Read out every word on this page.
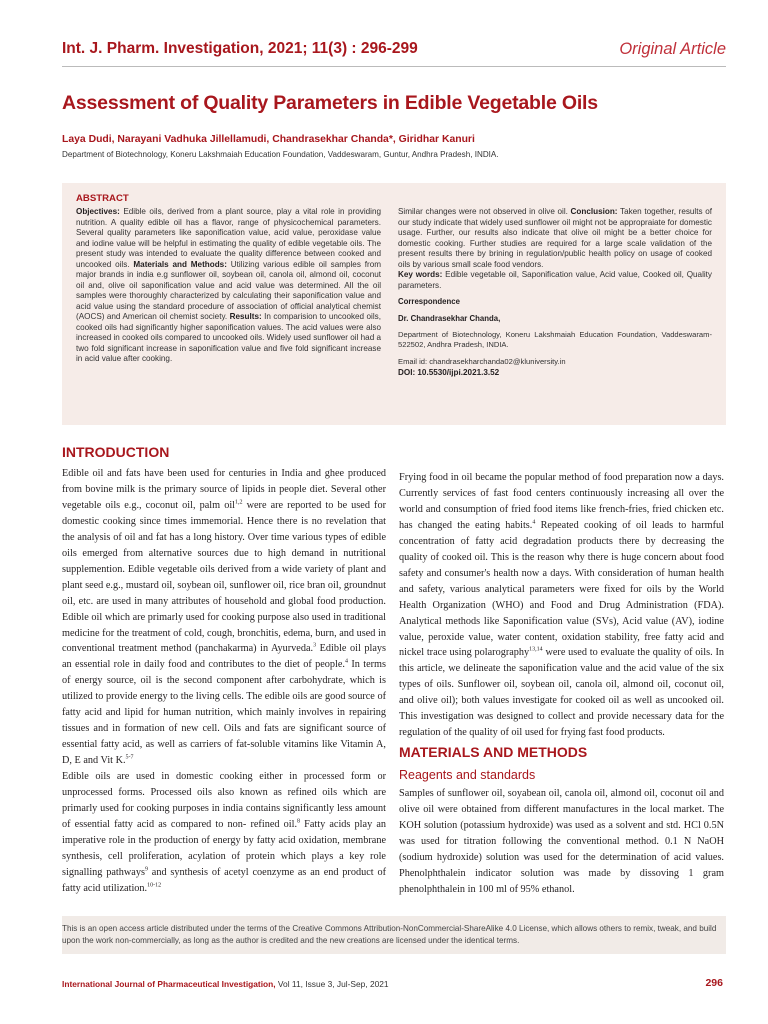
Int. J. Pharm. Investigation, 2021; 11(3) : 296-299	Original Article
Assessment of Quality Parameters in Edible Vegetable Oils
Laya Dudi, Narayani Vadhuka Jillellamudi, Chandrasekhar Chanda*, Giridhar Kanuri
Department of Biotechnology, Koneru Lakshmaiah Education Foundation, Vaddeswaram, Guntur, Andhra Pradesh, INDIA.
ABSTRACT

Objectives: Edible oils, derived from a plant source, play a vital role in providing nutrition. A quality edible oil has a flavor, range of physicochemical parameters. Several quality parameters like saponification value, acid value, peroxidase value and iodine value will be helpful in estimating the quality of edible vegetable oils. The present study was intended to evaluate the quality difference between cooked and uncooked oils. Materials and Methods: Utilizing various edible oil samples from major brands in india e.g sunflower oil, soybean oil, canola oil, almond oil, coconut oil and, olive oil saponification value and acid value was determined. All the oil samples were thoroughly characterized by calculating their saponification value and acid value using the standard procedure of association of official analytical chemist (AOCS) and American oil chemist society. Results: In comparision to uncooked oils, cooked oils had significantly higher saponification values. The acid values were also increased in cooked oils compared to uncooked oils. Widely used sunflower oil had a two fold significant increase in saponification value and five fold significant increase in acid value after cooking.

Similar changes were not observed in olive oil. Conclusion: Taken together, results of our study indicate that widely used sunflower oil might not be appropraiate for domestic usage. Further, our results also indicate that olive oil might be a better choice for domestic cooking. Further studies are required for a large scale validation of the present results there by brining in regulation/public health policy on usage of cooked oils by various small scale food vendors.

Key words: Edible vegetable oil, Saponification value, Acid value, Cooked oil, Quality parameters.

Correspondence

Dr. Chandrasekhar Chanda,

Department of Biotechnology, Koneru Lakshmaiah Education Foundation, Vaddeswaram-522502, Andhra Pradesh, INDIA.

Email id: chandrasekharchanda02@kluniversity.in

DOI: 10.5530/ijpi.2021.3.52

INTRODUCTION

Edible oil and fats have been used for centuries in India and ghee produced from bovine milk is the primary source of lipids in people diet. Several other vegetable oils e.g., coconut oil, palm oil$^{1,2}$ were are reported to be used for domestic cooking since times immemorial. Hence there is no revelation that the analysis of oil and fat has a long history. Over time various types of edible oils emerged from alternative sources due to high demand in nutritional supplemention. Edible vegetable oils derived from a wide variety of plant and plant seed e.g., mustard oil, soybean oil, sunflower oil, rice bran oil, groundnut oil, etc. are used in many attributes of household and global food production. Edible oil which are primarly used for cooking purpose also used in traditional medicine for the treatment of cold, cough, bronchitis, edema, burn, and used in conventional treatment method (panchakarma) in Ayurveda.$^3$ Edible oil plays an essential role in daily food and contributes to the diet of people.$^4$ In terms of energy source, oil is the second component after carbohydrate, which is utilized to provide energy to the living cells. The edible oils are good source of fatty acid and lipid for human nutrition, which mainly involves in repairing tissues and in formation of new cell. Oils and fats are significant source of essential fatty acid, as well as carriers of fat-soluble vitamins like Vitamin A, D, E and Vit K.$^{5-7}$

Edible oils are used in domestic cooking either in processed form or unprocessed forms. Processed oils also known as refined oils which are primarly used for cooking purposes in india contains significantly less amount of essential fatty acid as compared to non- refined oil.$^8$ Fatty acids play an imperative role in the production of energy by fatty acid oxidation, membrane synthesis, cell proliferation, acylation of protein which plays a key role signalling pathways$^9$ and synthesis of acetyl coenzyme as an end product of fatty acid utilization.$^{10-12}$

Frying food in oil became the popular method of food preparation now a days. Currently services of fast food centers continuously increasing all over the world and consumption of fried food items like french-fries, fried chicken etc. has changed the eating habits.$^4$ Repeated cooking of oil leads to harmful concentration of fatty acid degradation products there by decreasing the quality of cooked oil. This is the reason why there is huge concern about food safety and consumer's health now a days. With consideration of human health and safety, various analytical parameters were fixed for oils by the World Health Organization (WHO) and Food and Drug Administration (FDA). Analytical methods like Saponification value (SVs), Acid value (AV), iodine value, peroxide value, water content, oxidation stability, free fatty acid and nickel trace using polarography$^{13,14}$ were used to evaluate the quality of oils. In this article, we delineate the saponification value and the acid value of the six types of oils. Sunflower oil, soybean oil, canola oil, almond oil, coconut oil, and olive oil); both values investigate for cooked oil as well as uncooked oil. This investigation was designed to collect and provide necessary data for the regulation of the quality of oil used for frying fast food products.

MATERIALS AND METHODS
Reagents and standards

Samples of sunflower oil, soyabean oil, canola oil, almond oil, coconut oil and olive oil were obtained from different manufactures in the local market. The KOH solution (potassium hydroxide) was used as a solvent and std. HCl 0.5N was used for titration following the conventional method. 0.1 N NaOH (sodium hydroxide) solution was used for the determination of acid values. Phenolphthalein indicator solution was made by dissoving 1 gram phenolphthalein in 100 ml of 95% ethanol.

This is an open access article distributed under the terms of the Creative Commons Attribution-NonCommercial-ShareAlike 4.0 License, which allows others to remix, tweak, and build upon the work non-commercially, as long as the author is credited and the new creations are licensed under the identical terms.
International Journal of Pharmaceutical Investigation, Vol 11, Issue 3, Jul-Sep, 2021	296
